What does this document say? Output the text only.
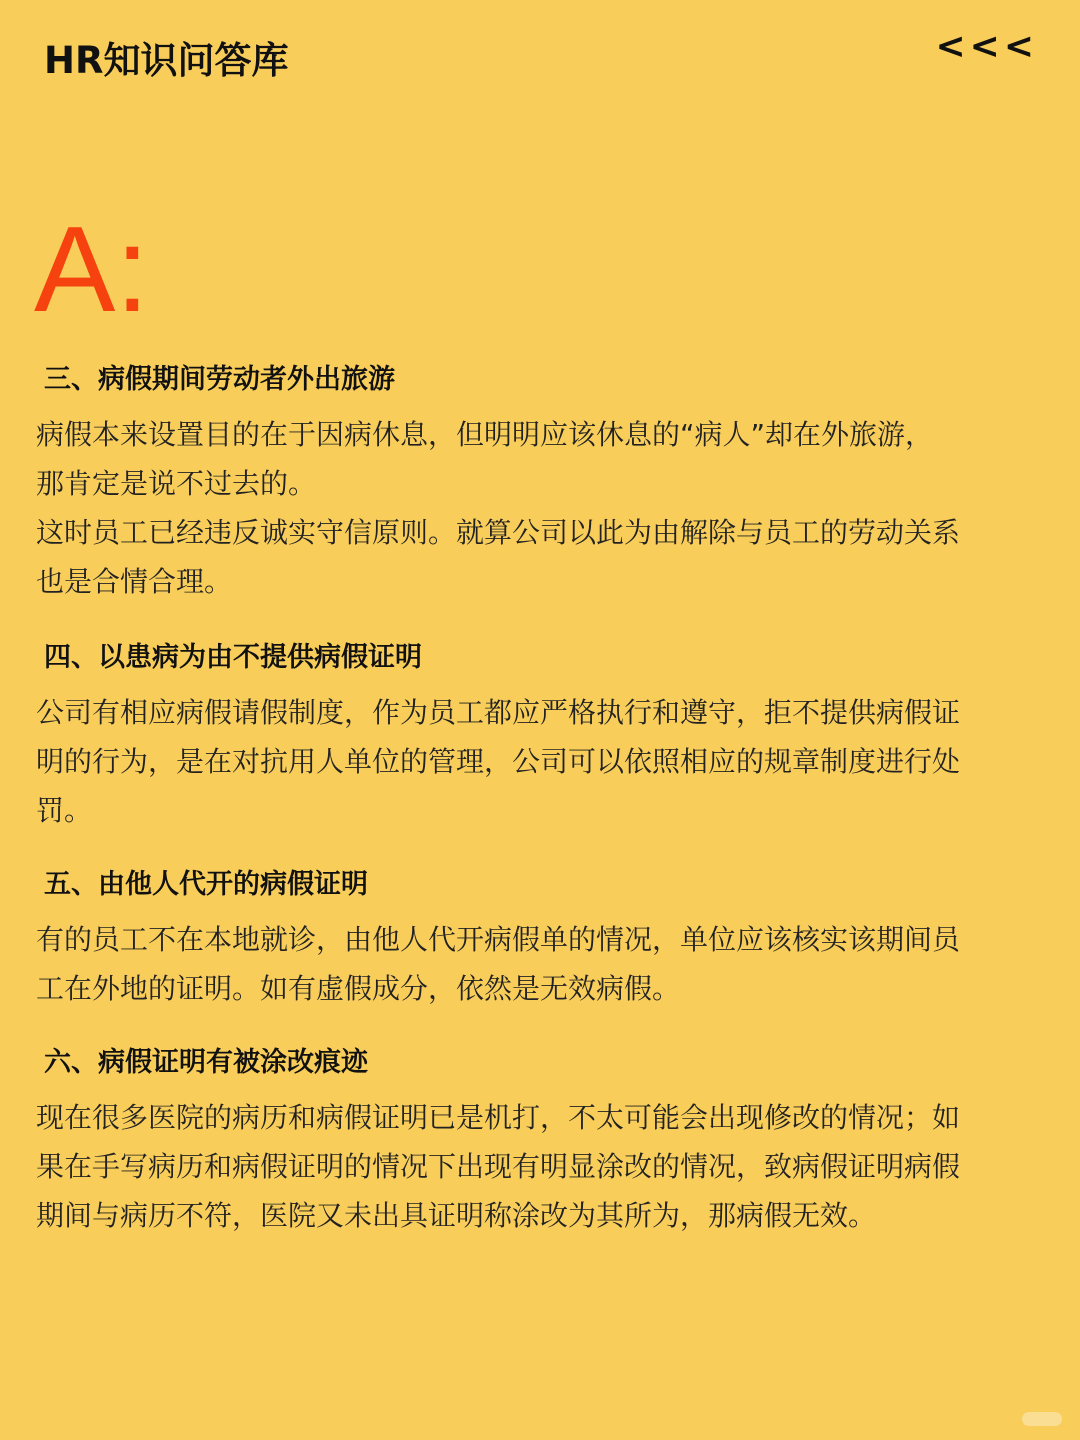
HR知识问答库	<<<
A:
三、病假期间劳动者外出旅游
病假本来设置目的在于因病休息，但明明应该休息的“病人”却在外旅游，
那肯定是说不过去的。
这时员工已经违反诚实守信原则。就算公司以此为由解除与员工的劳动关系
也是合情合理。
四、以患病为由不提供病假证明
公司有相应病假请假制度，作为员工都应严格执行和遵守，拒不提供病假证
明的行为，是在对抗用人单位的管理，公司可以依照相应的规章制度进行处
罚。
五、由他人代开的病假证明
有的员工不在本地就诊，由他人代开病假单的情况，单位应该核实该期间员
工在外地的证明。如有虚假成分，依然是无效病假。
六、病假证明有被涂改痕迹
现在很多医院的病历和病假证明已是机打，不太可能会出现修改的情况；如
果在手写病历和病假证明的情况下出现有明显涂改的情况，致病假证明病假
期间与病历不符，医院又未出具证明称涂改为其所为，那病假无效。
